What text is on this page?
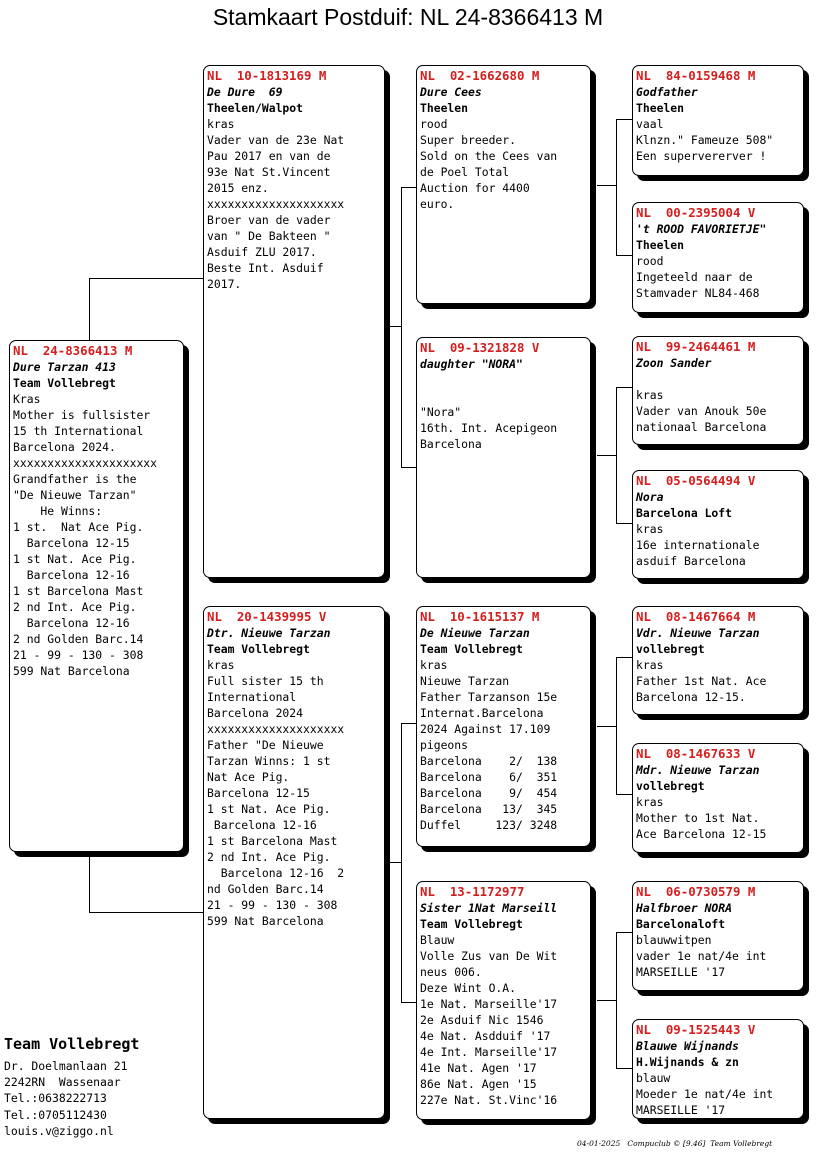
Stamkaart Postduif: NL 24-8366413 M
NL  24-8366413 M
Dure Tarzan 413
Team Vollebregt
Kras
Mother is fullsister
15 th International
Barcelona 2024.
xxxxxxxxxxxxxxxxxxxxx
Grandfather is the
"De Nieuwe Tarzan"
He Winns:
1 st.  Nat Ace Pig.
Barcelona 12-15
1 st Nat. Ace Pig.
Barcelona 12-16
1 st Barcelona Mast
2 nd Int. Ace Pig.
Barcelona 12-16
2 nd Golden Barc.14
21 - 99 - 130 - 308
599 Nat Barcelona
NL  10-1813169 M
De Dure  69
Theelen/Walpot
kras
Vader van de 23e Nat
Pau 2017 en van de
93e Nat St.Vincent
2015 enz.
xxxxxxxxxxxxxxxxxxxx
Broer van de vader
van " De Bakteen "
Asduif ZLU 2017.
Beste Int. Asduif
2017.
NL  20-1439995 V
Dtr. Nieuwe Tarzan
Team Vollebregt
kras
Full sister 15 th
International
Barcelona 2024
xxxxxxxxxxxxxxxxxxxx
Father "De Nieuwe
Tarzan Winns: 1 st
Nat Ace Pig.
Barcelona 12-15
1 st Nat. Ace Pig.
Barcelona 12-16
1 st Barcelona Mast
2 nd Int. Ace Pig.
Barcelona 12-16  2
nd Golden Barc.14
21 - 99 - 130 - 308
599 Nat Barcelona
NL  02-1662680 M
Dure Cees
Theelen
rood
Super breeder.
Sold on the Cees van
de Poel Total
Auction for 4400
euro.
NL  09-1321828 V
daughter "NORA"
"Nora"
16th. Int. Acepigeon
Barcelona
NL  10-1615137 M
De Nieuwe Tarzan
Team Vollebregt
kras
Nieuwe Tarzan
Father Tarzanson 15e
Internat.Barcelona
2024 Against 17.109
pigeons
Barcelona    2/  138
Barcelona    6/  351
Barcelona    9/  454
Barcelona   13/  345
Duffel     123/ 3248
NL  13-1172977
Sister 1Nat Marseill
Team Vollebregt
Blauw
Volle Zus van De Wit
neus 006.
Deze Wint O.A.
1e Nat. Marseille'17
2e Asduif Nic 1546
4e Nat. Asdduif '17
4e Int. Marseille'17
41e Nat. Agen '17
86e Nat. Agen '15
227e Nat. St.Vinc'16
NL  84-0159468 M
Godfather
Theelen
vaal
Klnzn." Fameuze 508"
Een supervererver !
NL  00-2395004 V
't ROOD FAVORIETJE"
Theelen
rood
Ingeteeld naar de
Stamvader NL84-468
NL  99-2464461 M
Zoon Sander
kras
Vader van Anouk 50e
nationaal Barcelona
NL  05-0564494 V
Nora
Barcelona Loft
kras
16e internationale
asduif Barcelona
NL  08-1467664 M
Vdr. Nieuwe Tarzan
vollebregt
kras
Father 1st Nat. Ace
Barcelona 12-15.
NL  08-1467633 V
Mdr. Nieuwe Tarzan
vollebregt
kras
Mother to 1st Nat.
Ace Barcelona 12-15
NL  06-0730579 M
Halfbroer NORA
Barcelonaloft
blauwwitpen
vader 1e nat/4e int
MARSEILLE '17
NL  09-1525443 V
Blauwe Wijnands
H.Wijnands & zn
blauw
Moeder 1e nat/4e int
MARSEILLE '17
Team Vollebregt
Dr. Doelmanlaan 21
2242RN  Wassenaar
Tel.:0638222713
Tel.:0705112430
louis.v@ziggo.nl
04-01-2025   Compuclub © [9.46]  Team Vollebregt
